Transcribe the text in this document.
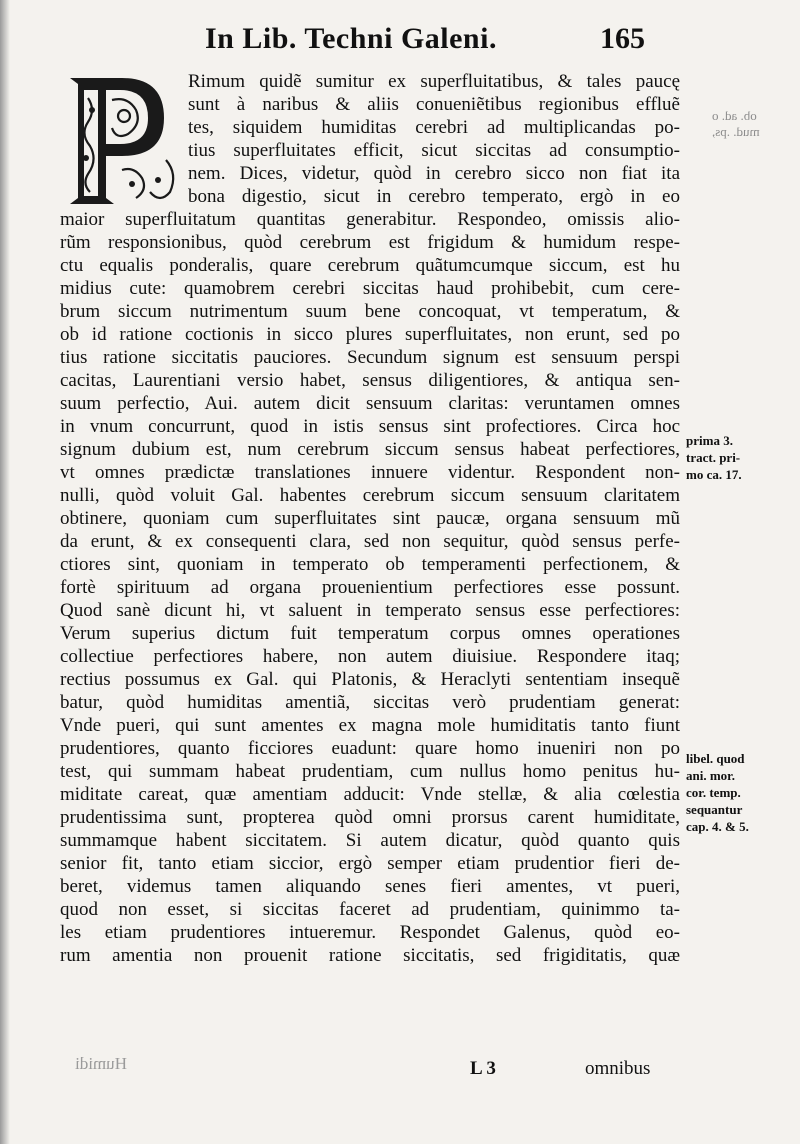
In Lib. Techni Galeni.	165
Rimum quidẽ sumitur ex superfluitatibus, & tales paucę
sunt à naribus & aliis conueniẽtibus regionibus effluẽ
tes, siquidem humiditas cerebri ad multiplicandas po-
tius superfluitates efficit, sicut siccitas ad consumptio-
nem. Dices, videtur, quòd in cerebro sicco non fiat ita
bona digestio, sicut in cerebro temperato, ergò in eo
maior superfluitatum quantitas generabitur. Respondeo, omissis alio-
rũm responsionibus, quòd cerebrum est frigidum & humidum respe-
ctu equalis ponderalis, quare cerebrum quãtumcumque siccum, est hu
midius cute: quamobrem cerebri siccitas haud prohibebit, cum cere-
brum siccum nutrimentum suum bene concoquat, vt temperatum, &
ob id ratione coctionis in sicco plures superfluitates, non erunt, sed po
tius ratione siccitatis pauciores. Secundum signum est sensuum perspi
cacitas, Laurentiani versio habet, sensus diligentiores, & antiqua sen-
suum perfectio, Aui. autem dicit sensuum claritas: veruntamen omnes
in vnum concurrunt, quod in istis sensus sint profectiores. Circa hoc
signum dubium est, num cerebrum siccum sensus habeat perfectiores,
vt omnes prædictæ translationes innuere videntur. Respondent non-
nulli, quòd voluit Gal. habentes cerebrum siccum sensuum claritatem
obtinere, quoniam cum superfluitates sint paucæ, organa sensuum mũ
da erunt, & ex consequenti clara, sed non sequitur, quòd sensus perfe-
ctiores sint, quoniam in temperato ob temperamenti perfectionem, &
fortè spirituum ad organa prouenientium perfectiores esse possunt.
Quod sanè dicunt hi, vt saluent in temperato sensus esse perfectiores:
Verum superius dictum fuit temperatum corpus omnes operationes
collectiue perfectiores habere, non autem diuisiue. Respondere itaq;
rectius possumus ex Gal. qui Platonis, & Heraclyti sententiam insequẽ
batur, quòd humiditas amentiã, siccitas verò prudentiam generat:
Vnde pueri, qui sunt amentes ex magna mole humiditatis tanto fiunt
prudentiores, quanto ficciores euadunt: quare homo inueniri non po
test, qui summam habeat prudentiam, cum nullus homo penitus hu-
miditate careat, quæ amentiam adducit: Vnde stellæ, & alia cœlestia
prudentissima sunt, propterea quòd omni prorsus carent humiditate,
summamque habent siccitatem. Si autem dicatur, quòd quanto quis
senior fit, tanto etiam siccior, ergò semper etiam prudentior fieri de-
beret, videmus tamen aliquando senes fieri amentes, vt pueri,
quod non esset, si siccitas faceret ad prudentiam, quinimmo ta-
les etiam prudentiores intueremur. Respondet Galenus, quòd eo-
rum amentia non prouenit ratione siccitatis, sed frigiditatis, quæ
prima 3.
tract. pri-
mo ca. 17.
libel. quod
ani. mor.
cor. temp.
sequantur
cap. 4. & 5.
ob. ad. o
mud. .ps,
Humidi	L 3	omnibus
